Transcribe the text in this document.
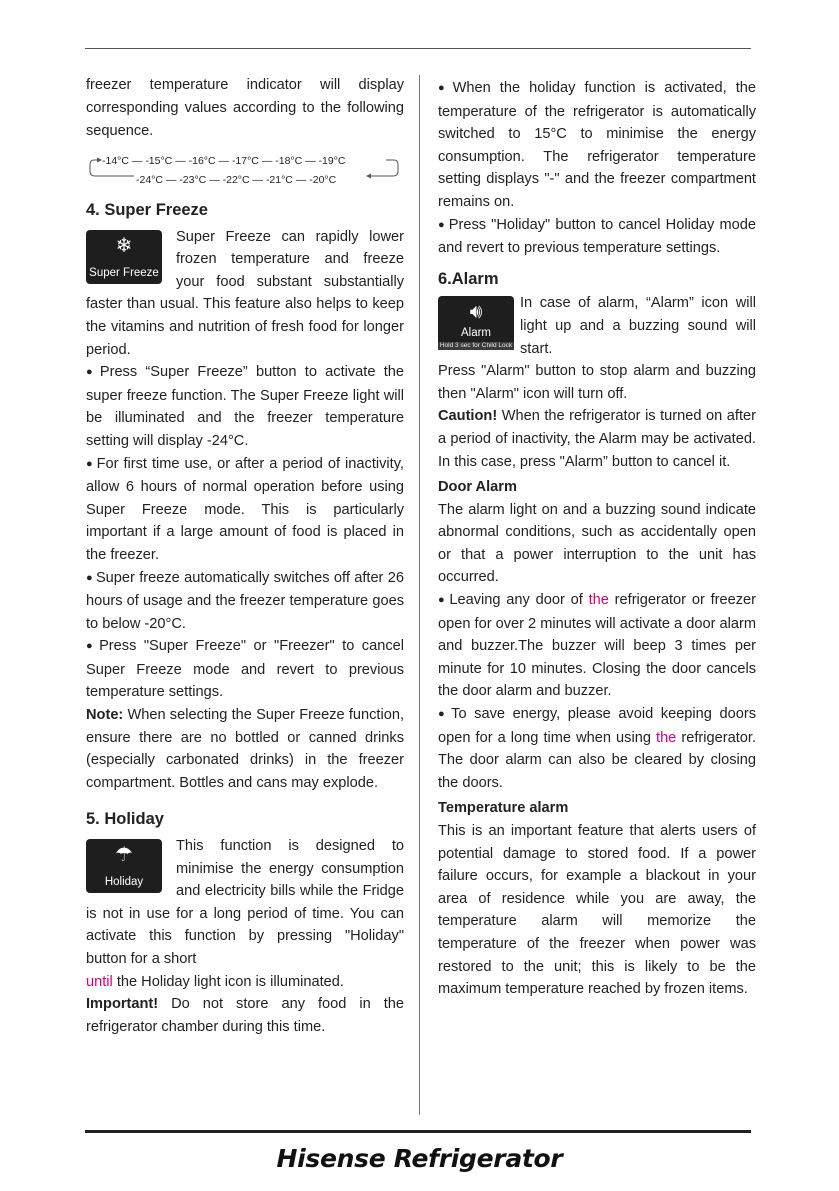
freezer temperature indicator will display corresponding values according to the following sequence.

-14°C — -15°C — -16°C — -17°C — -18°C — -19°C
-24°C — -23°C — -22°C — -21°C — -20°C

4. Super Freeze

❄
Super Freeze

Super Freeze can rapidly lower frozen temperature and freeze your food substant substantially faster than usual. This feature also helps to keep the vitamins and nutrition of fresh food for longer period.

● Press “Super Freeze” button to activate the super freeze function. The Super Freeze light will be illuminated and the freezer temperature setting will display -24°C.

● For first time use, or after a period of inactivity, allow 6 hours of normal operation before using Super Freeze mode. This is particularly important if a large amount of food is placed in the freezer.

● Super freeze automatically switches off after 26 hours of usage and the freezer temperature goes to below -20°C.

● Press "Super Freeze" or "Freezer" to cancel Super Freeze mode and revert to previous temperature settings.

Note: When selecting the Super Freeze function, ensure there are no bottled or canned drinks (especially carbonated drinks) in the freezer compartment. Bottles and cans may explode.

5. Holiday

☂
Holiday

This function is designed to minimise the energy consumption and electricity bills while the Fridge is not in use for a long period of time. You can activate this function by pressing "Holiday" button for a short
until the Holiday light icon is illuminated.

Important! Do not store any food in the refrigerator chamber during this time.

● When the holiday function is activated, the temperature of the refrigerator is automatically switched to 15°C to minimise the energy consumption. The refrigerator temperature setting displays "-" and the freezer compartment remains on.

● Press "Holiday" button to cancel Holiday mode and revert to previous temperature settings.

6.Alarm

🔊︎
Alarm
Hold 3 sec for Child Lock

In case of alarm, “Alarm” icon will light up and a buzzing sound will start.

Press "Alarm" button to stop alarm and buzzing then "Alarm" icon will turn off.

Caution! When the refrigerator is turned on after a period of inactivity, the Alarm may be activated. In this case, press "Alarm” button to cancel it.

Door Alarm

The alarm light on and a buzzing sound indicate abnormal conditions, such as accidentally open or that a power interruption to the unit has occurred.

● Leaving any door of the refrigerator or freezer open for over 2 minutes will activate a door alarm and buzzer.The buzzer will beep 3 times per minute for 10 minutes. Closing the door cancels the door alarm and buzzer.

● To save energy, please avoid keeping doors open for a long time when using the refrigerator. The door alarm can also be cleared by closing the doors.

Temperature alarm

This is an important feature that alerts users of potential damage to stored food. If a power failure occurs, for example a blackout in your area of residence while you are away, the temperature alarm will memorize the temperature of the freezer when power was restored to the unit; this is likely to be the maximum temperature reached by frozen items.

Hisense Refrigerator
